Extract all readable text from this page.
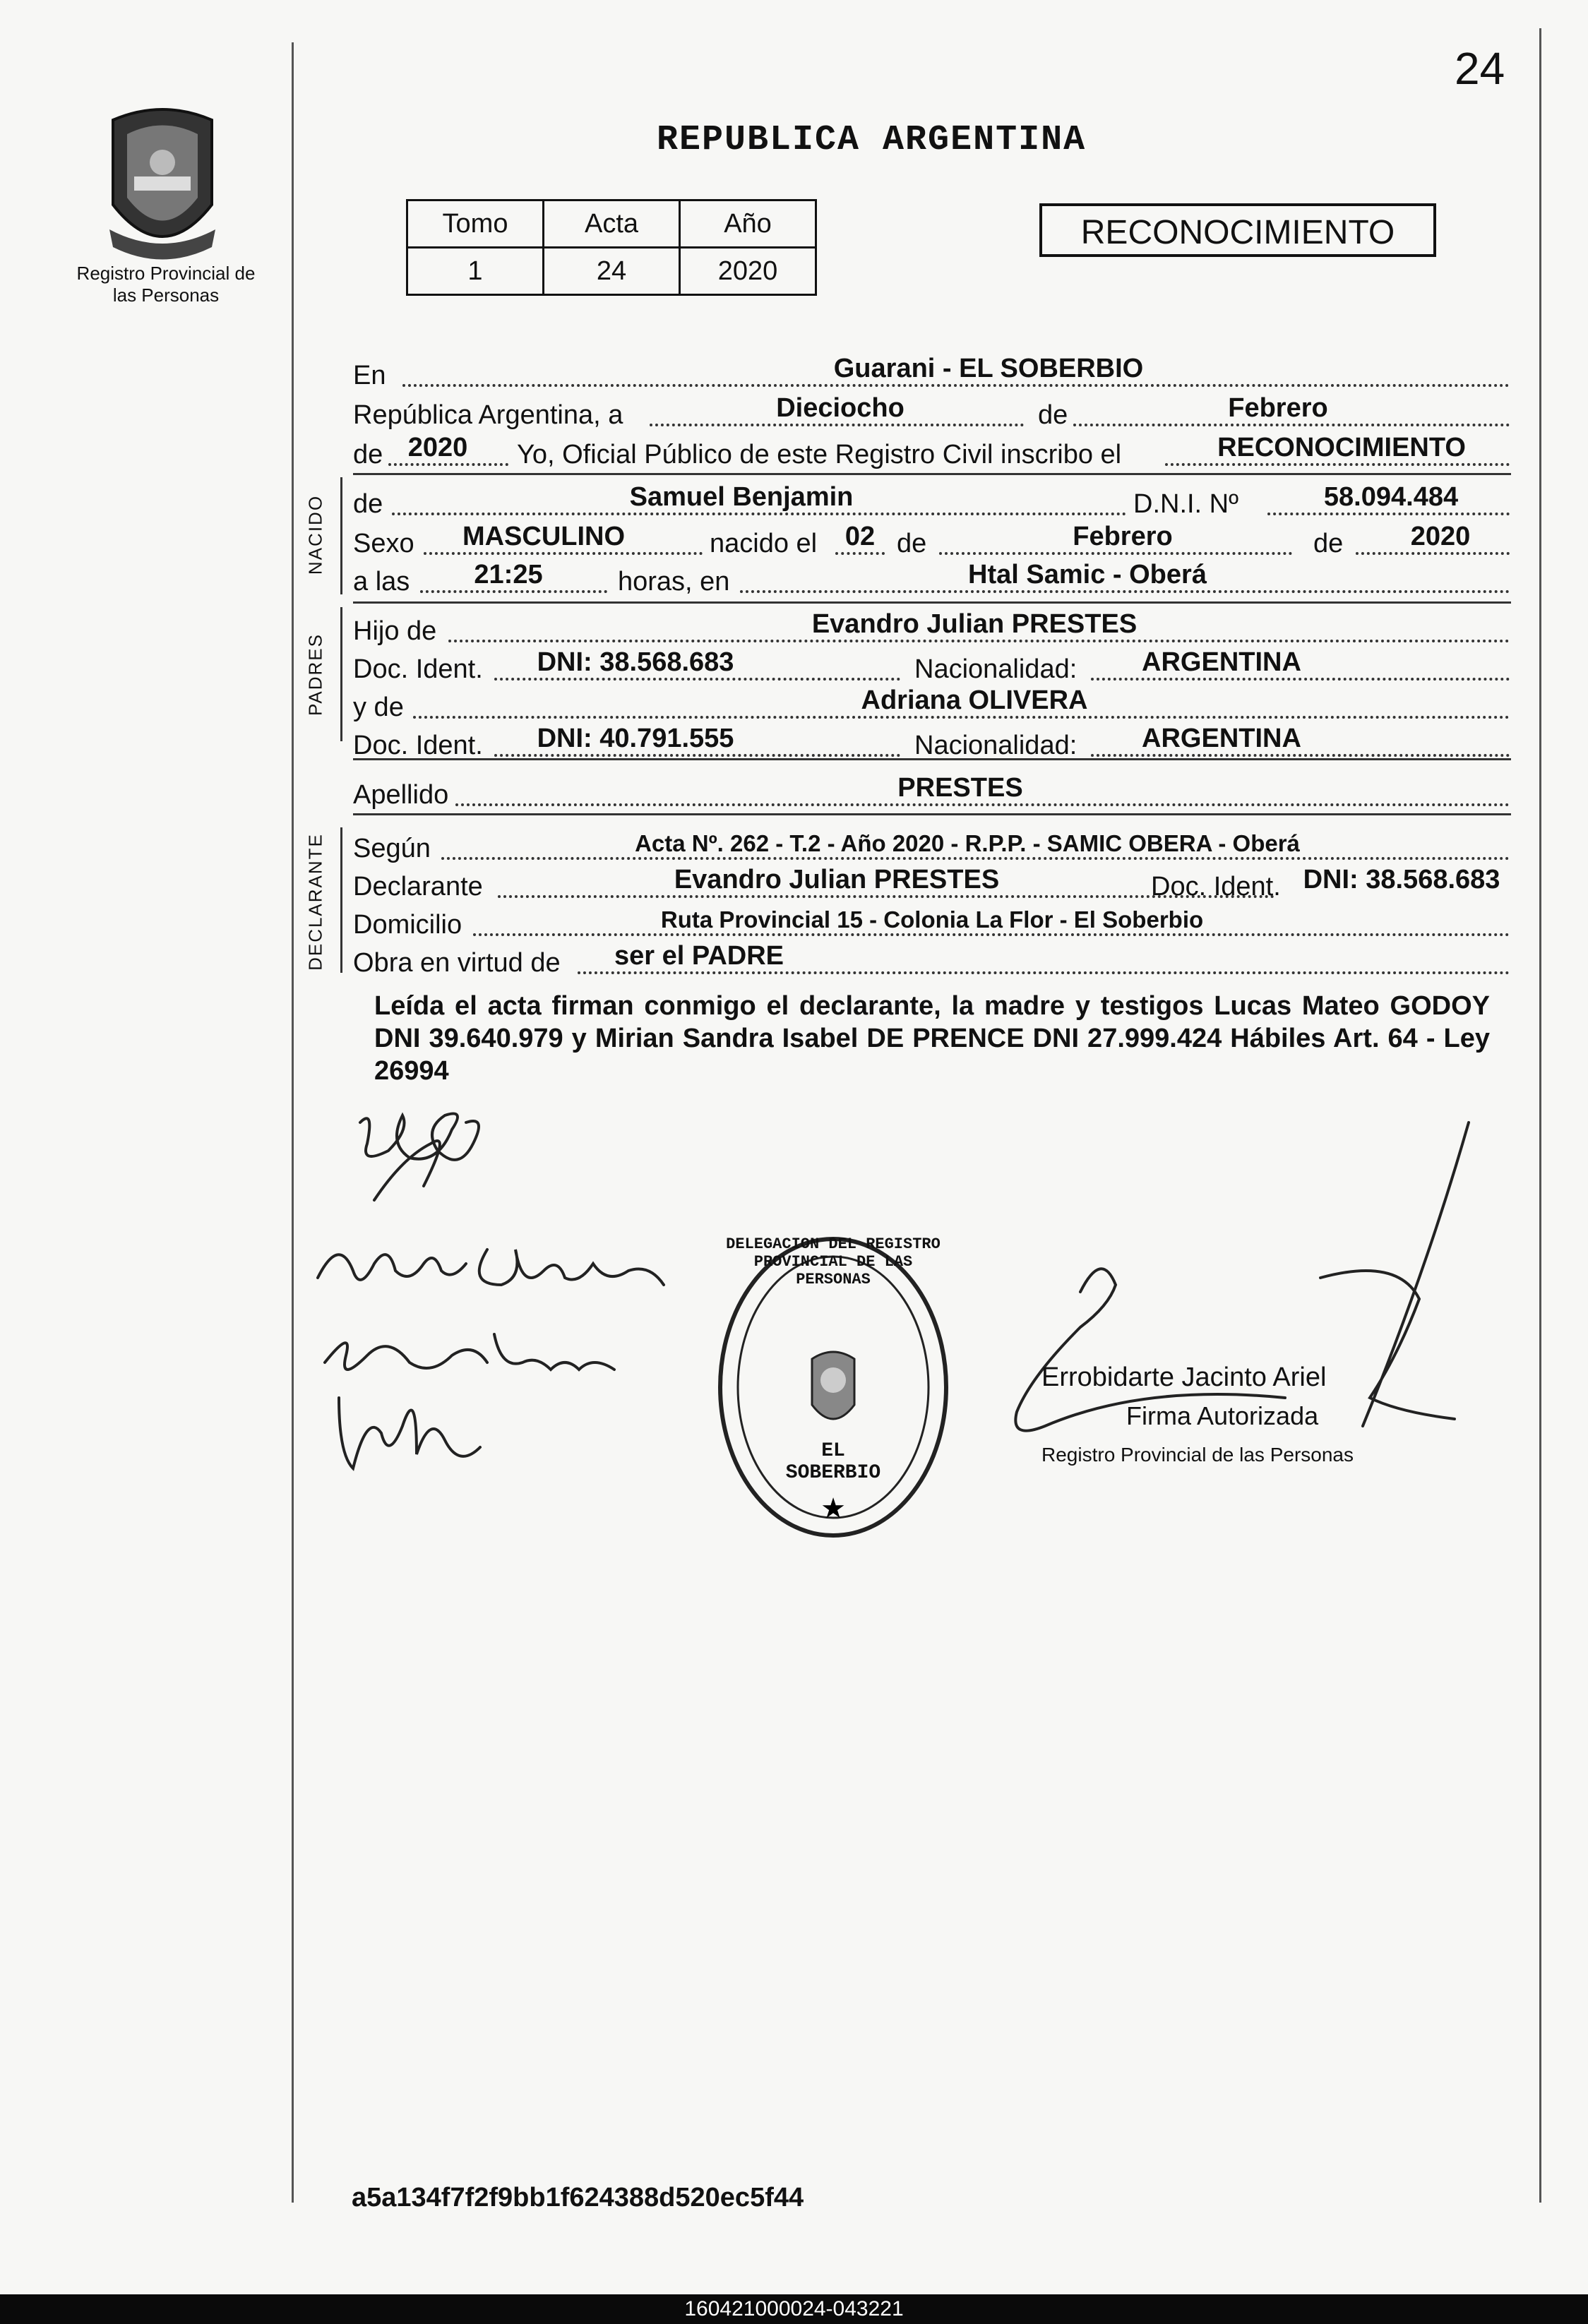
24
Registro Provincial de las Personas
REPUBLICA ARGENTINA
Tomo	Acta	Año
1	24	2020
RECONOCIMIENTO
En	Guarani - EL SOBERBIO
República Argentina, a	Dieciocho	de	Febrero
de 2020	Yo, Oficial Público de este Registro Civil inscribo el	RECONOCIMIENTO
NACIDO de	Samuel Benjamin	D.N.I. Nº	58.094.484
Sexo	MASCULINO	nacido el	02 de	Febrero	de	2020
a las	21:25	horas, en	Htal Samic - Oberá
PADRES
Hijo de	Evandro Julian PRESTES
Doc. Ident.	DNI: 38.568.683	Nacionalidad:	ARGENTINA
y de	Adriana OLIVERA
Doc. Ident.	DNI: 40.791.555	Nacionalidad:	ARGENTINA
Apellido	PRESTES
DECLARANTE Según	Acta Nº. 262 - T.2 - Año 2020 - R.P.P. - SAMIC OBERA - Oberá
Declarante	Evandro Julian PRESTES	Doc. Ident. DNI: 38.568.683
Domicilio	Ruta Provincial 15 - Colonia La Flor - El Soberbio
Obra en virtud de	ser el PADRE
Leída el acta firman conmigo el declarante, la madre y testigos Lucas Mateo GODOY DNI 39.640.979 y Mirian Sandra Isabel DE PRENCE DNI 27.999.424 Hábiles Art. 64 - Ley 26994
★
DELEGACION DEL REGISTRO PROVINCIAL DE LAS PERSONAS
EL SOBERBIO
Errobidarte Jacinto Ariel
Firma Autorizada
Registro Provincial de las Personas
a5a134f7f2f9bb1f624388d520ec5f44
160421000024-043221
